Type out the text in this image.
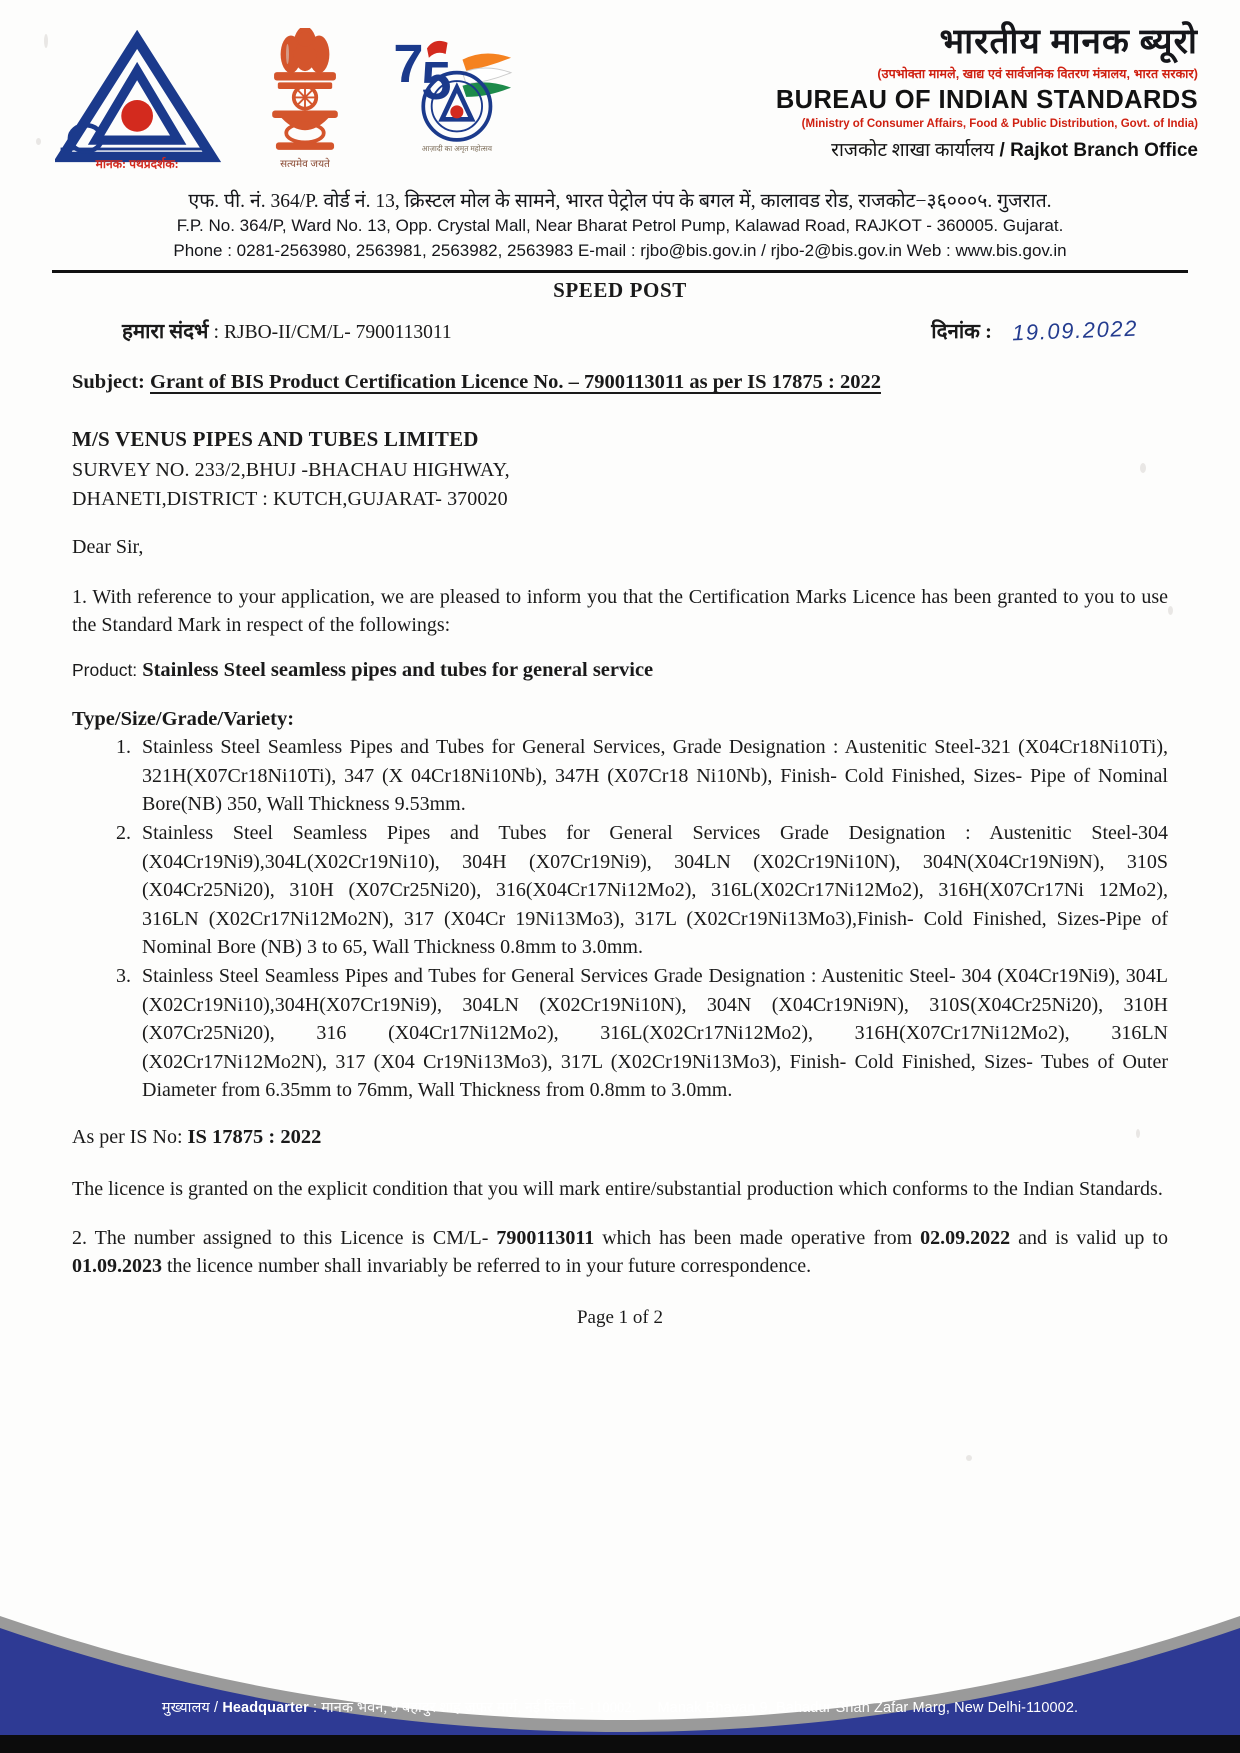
मानक: पथप्रदर्शक:	सत्यमेव जयते
7
5
आज़ादी का अमृत महोत्सव
भारतीय मानक ब्यूरो
(उपभोक्ता मामले, खाद्य एवं सार्वजनिक वितरण मंत्रालय, भारत सरकार)
BUREAU OF INDIAN STANDARDS
(Ministry of Consumer Affairs, Food & Public Distribution, Govt. of India)
राजकोट शाखा कार्यालय / Rajkot Branch Office
एफ. पी. नं. 364/P. वोर्ड नं. 13, क्रिस्टल मोल के सामने, भारत पेट्रोल पंप के बगल में, कालावड रोड, राजकोट−३६०००५. गुजरात.
F.P. No. 364/P, Ward No. 13, Opp. Crystal Mall, Near Bharat Petrol Pump, Kalawad Road, RAJKOT - 360005. Gujarat.
Phone : 0281-2563980, 2563981, 2563982, 2563983 E-mail : rjbo@bis.gov.in / rjbo-2@bis.gov.in Web : www.bis.gov.in
SPEED POST
हमारा संदर्भ : RJBO-II/CM/L- 7900113011	दिनांक : 19.09.2022
Subject: Grant of BIS Product Certification Licence No. – 7900113011 as per IS 17875 : 2022
M/S VENUS PIPES AND TUBES LIMITED
SURVEY NO. 233/2,BHUJ -BHACHAU HIGHWAY,
DHANETI,DISTRICT : KUTCH,GUJARAT- 370020
Dear Sir,

1. With reference to your application, we are pleased to inform you that the Certification Marks Licence has been granted to you to use the Standard Mark in respect of the followings:

Product: Stainless Steel seamless pipes and tubes for general service
Type/Size/Grade/Variety:
1. Stainless Steel Seamless Pipes and Tubes for General Services, Grade Designation : Austenitic Steel-321 (X04Cr18Ni10Ti), 321H(X07Cr18Ni10Ti), 347 (X 04Cr18Ni10Nb), 347H (X07Cr18 Ni10Nb), Finish- Cold Finished, Sizes- Pipe of Nominal Bore(NB) 350, Wall Thickness 9.53mm.
2. Stainless Steel Seamless Pipes and Tubes for General Services Grade Designation : Austenitic Steel-304 (X04Cr19Ni9),304L(X02Cr19Ni10), 304H (X07Cr19Ni9), 304LN (X02Cr19Ni10N), 304N(X04Cr19Ni9N), 310S (X04Cr25Ni20), 310H (X07Cr25Ni20), 316(X04Cr17Ni12Mo2), 316L(X02Cr17Ni12Mo2), 316H(X07Cr17Ni 12Mo2), 316LN (X02Cr17Ni12Mo2N), 317 (X04Cr 19Ni13Mo3), 317L (X02Cr19Ni13Mo3),Finish- Cold Finished, Sizes-Pipe of Nominal Bore (NB) 3 to 65, Wall Thickness 0.8mm to 3.0mm.
3. Stainless Steel Seamless Pipes and Tubes for General Services Grade Designation : Austenitic Steel- 304 (X04Cr19Ni9), 304L (X02Cr19Ni10),304H(X07Cr19Ni9), 304LN (X02Cr19Ni10N), 304N (X04Cr19Ni9N), 310S(X04Cr25Ni20), 310H (X07Cr25Ni20), 316 (X04Cr17Ni12Mo2), 316L(X02Cr17Ni12Mo2), 316H(X07Cr17Ni12Mo2), 316LN (X02Cr17Ni12Mo2N), 317 (X04 Cr19Ni13Mo3), 317L (X02Cr19Ni13Mo3), Finish- Cold Finished, Sizes- Tubes of Outer Diameter from 6.35mm to 76mm, Wall Thickness from 0.8mm to 3.0mm.
As per IS No: IS 17875 : 2022

The licence is granted on the explicit condition that you will mark entire/substantial production which conforms to the Indian Standards.

2. The number assigned to this Licence is CM/L- 7900113011 which has been made operative from 02.09.2022 and is valid up to 01.09.2023 the licence number shall invariably be referred to in your future correspondence.

Page 1 of 2
मुख्यालय / Headquarter : मानक भवन, 9 बहादुर शाह जफर मार्ग, नई दिल्ली - 110002. Manak Bhavan 9, Bahadur Shah Zafar Marg, New Delhi-110002.
